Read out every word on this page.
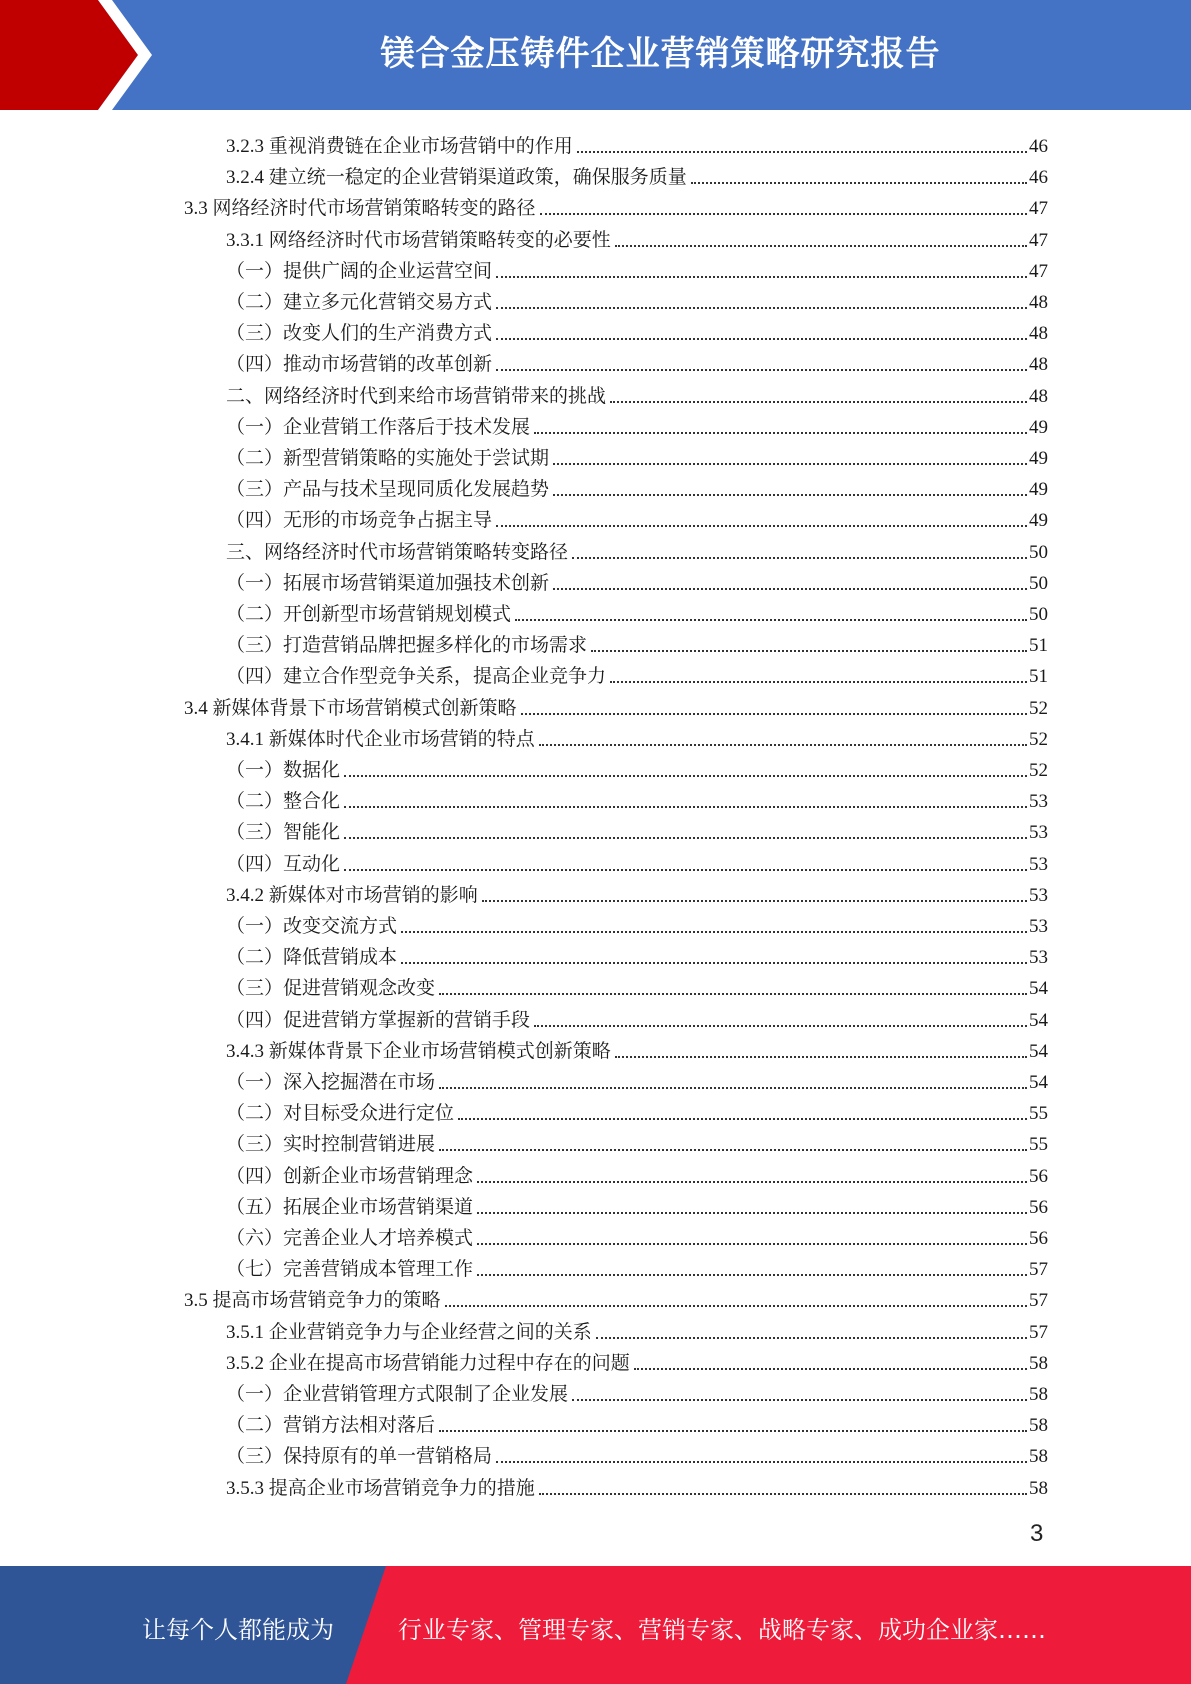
镁合金压铸件企业营销策略研究报告
3.2.3 重视消费链在企业市场营销中的作用	46
3.2.4 建立统一稳定的企业营销渠道政策，确保服务质量	46
3.3 网络经济时代市场营销策略转变的路径	47
3.3.1 网络经济时代市场营销策略转变的必要性	47
（一）提供广阔的企业运营空间	47
（二）建立多元化营销交易方式	48
（三）改变人们的生产消费方式	48
（四）推动市场营销的改革创新	48
二、网络经济时代到来给市场营销带来的挑战	48
（一）企业营销工作落后于技术发展	49
（二）新型营销策略的实施处于尝试期	49
（三）产品与技术呈现同质化发展趋势	49
（四）无形的市场竞争占据主导	49
三、网络经济时代市场营销策略转变路径	50
（一）拓展市场营销渠道加强技术创新	50
（二）开创新型市场营销规划模式	50
（三）打造营销品牌把握多样化的市场需求	51
（四）建立合作型竞争关系，提高企业竞争力	51
3.4 新媒体背景下市场营销模式创新策略	52
3.4.1 新媒体时代企业市场营销的特点	52
（一）数据化	52
（二）整合化	53
（三）智能化	53
（四）互动化	53
3.4.2 新媒体对市场营销的影响	53
（一）改变交流方式	53
（二）降低营销成本	53
（三）促进营销观念改变	54
（四）促进营销方掌握新的营销手段	54
3.4.3 新媒体背景下企业市场营销模式创新策略	54
（一）深入挖掘潜在市场	54
（二）对目标受众进行定位	55
（三）实时控制营销进展	55
（四）创新企业市场营销理念	56
（五）拓展企业市场营销渠道	56
（六）完善企业人才培养模式	56
（七）完善营销成本管理工作	57
3.5 提高市场营销竞争力的策略	57
3.5.1 企业营销竞争力与企业经营之间的关系	57
3.5.2 企业在提高市场营销能力过程中存在的问题	58
（一）企业营销管理方式限制了企业发展	58
（二）营销方法相对落后	58
（三）保持原有的单一营销格局	58
3.5.3 提高企业市场营销竞争力的措施	58
3
让每个人都能成为	行业专家、管理专家、营销专家、战略专家、成功企业家……
